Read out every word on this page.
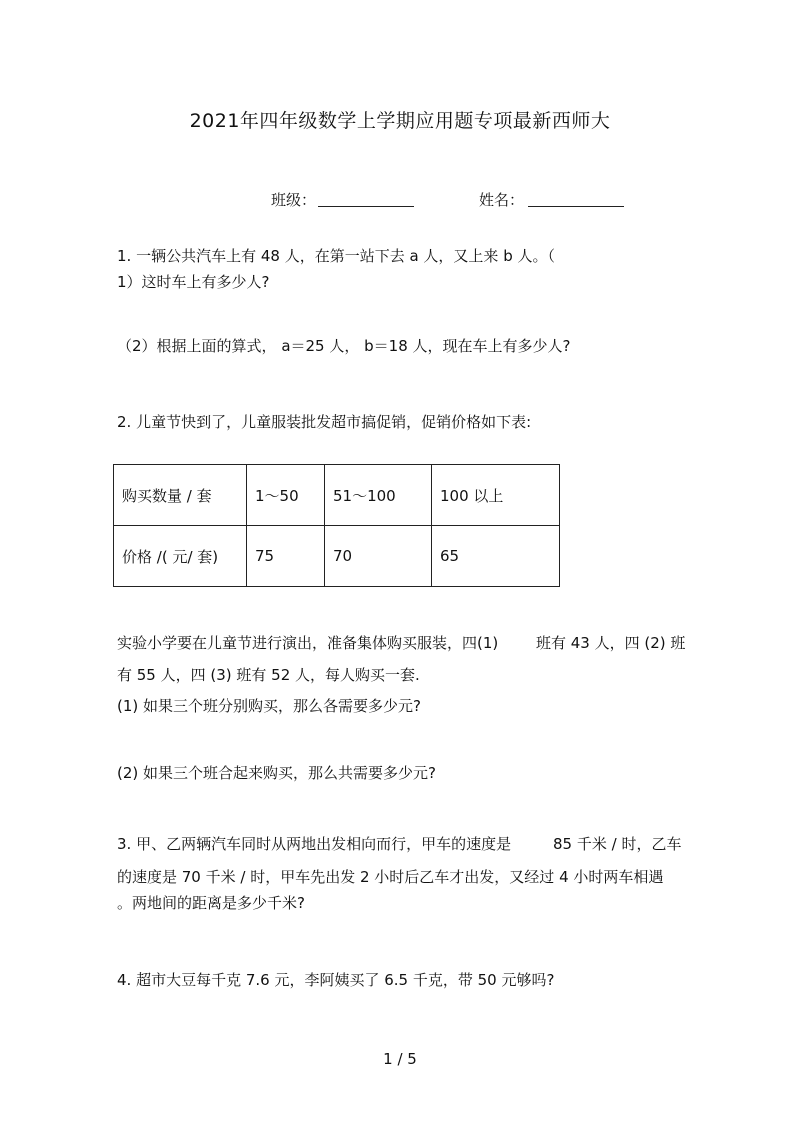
2021年四年级数学上学期应用题专项最新西师大
班级：	姓名：
1. 一辆公共汽车上有 48 人，在第一站下去 a 人，又上来 b 人。（
1）这时车上有多少人?
（2）根据上面的算式， a＝25 人， b＝18 人，现在车上有多少人?
2. 儿童节快到了，儿童服装批发超市搞促销，促销价格如下表:
购买数量 / 套	1～50	51～100	100 以上
价格 /( 元/ 套)	75	70	65
实验小学要在儿童节进行演出，准备集体购买服装，四(1)	班有 43 人，四 (2) 班
有 55 人，四 (3) 班有 52 人，每人购买一套.
(1) 如果三个班分别购买，那么各需要多少元?
(2) 如果三个班合起来购买，那么共需要多少元?
3. 甲、乙两辆汽车同时从两地出发相向而行，甲车的速度是	85 千米 / 时，乙车
的速度是 70 千米 / 时，甲车先出发 2 小时后乙车才出发，又经过 4 小时两车相遇
。两地间的距离是多少千米?
4. 超市大豆每千克 7.6 元，李阿姨买了 6.5 千克，带 50 元够吗?
1 / 5
